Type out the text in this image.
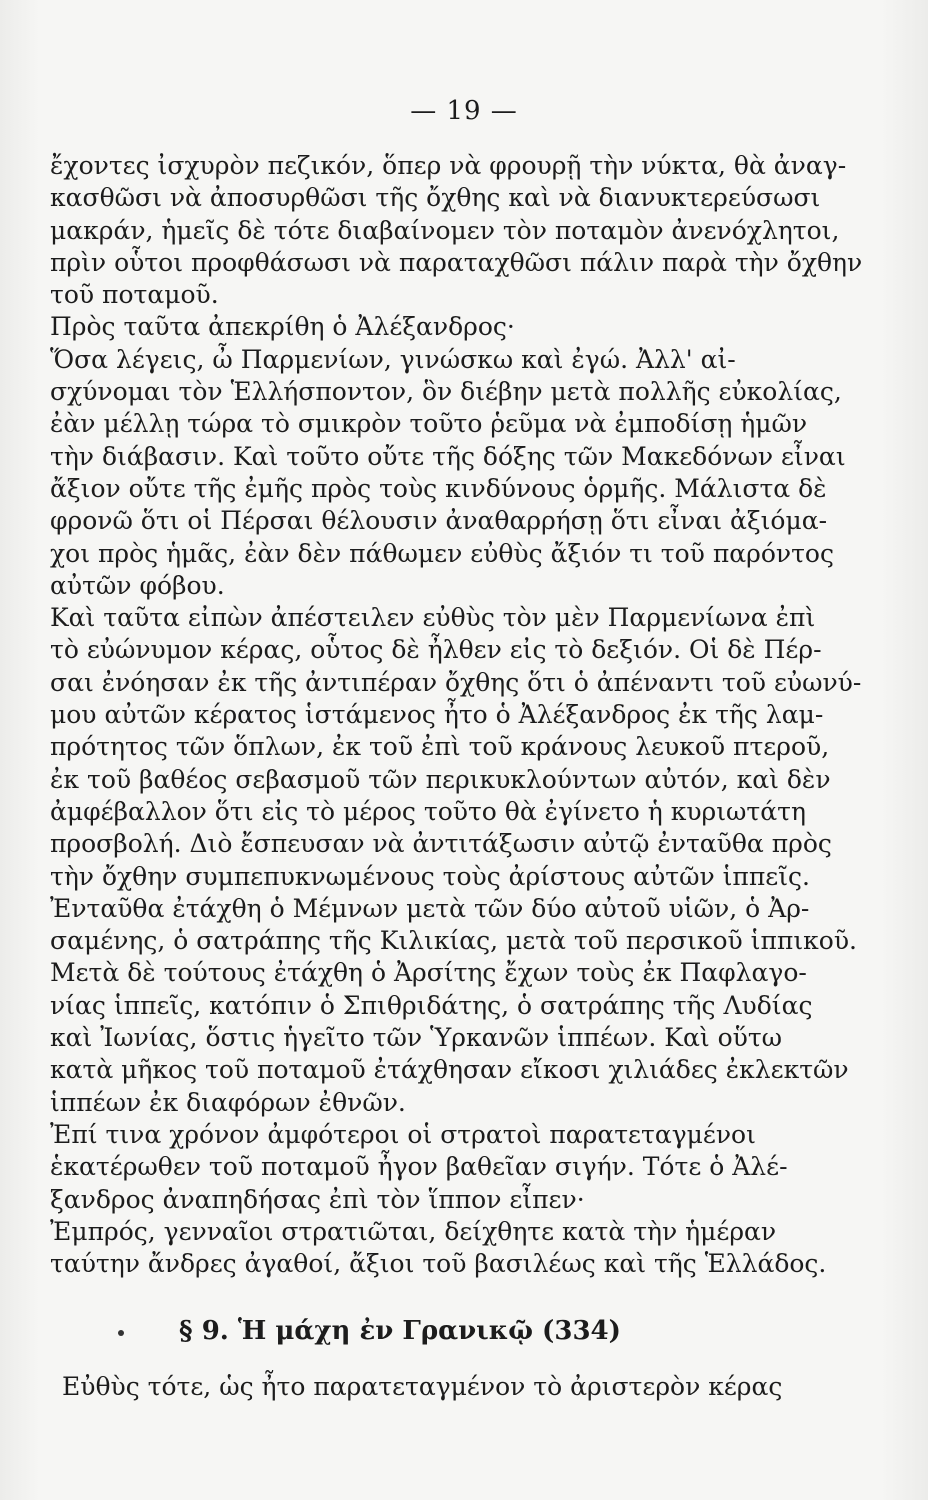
— 19 —
ἔχοντες ἰσχυρὸν πεζικόν, ὅπερ νὰ φρουρῇ τὴν νύκτα, θὰ ἀναγ-
κασθῶσι νὰ ἀποσυρθῶσι τῆς ὄχθης καὶ νὰ διανυκτερεύσωσι
μακράν, ἡμεῖς δὲ τότε διαβαίνομεν τὸν ποταμὸν ἀνενόχλητοι,
πρὶν οὗτοι προφθάσωσι νὰ παραταχθῶσι πάλιν παρὰ τὴν ὄχθην
τοῦ ποταμοῦ.
Πρὸς ταῦτα ἀπεκρίθη ὁ Ἀλέξανδρος·
Ὅσα λέγεις, ὦ Παρμενίων, γινώσκω καὶ ἐγώ. Ἀλλ' αἰ-
σχύνομαι τὸν Ἑλλήσποντον, ὃν διέβην μετὰ πολλῆς εὐκολίας,
ἐὰν μέλλῃ τώρα τὸ σμικρὸν τοῦτο ῥεῦμα νὰ ἐμποδίσῃ ἡμῶν
τὴν διάβασιν. Καὶ τοῦτο οὔτε τῆς δόξης τῶν Μακεδόνων εἶναι
ἄξιον οὔτε τῆς ἐμῆς πρὸς τοὺς κινδύνους ὁρμῆς. Μάλιστα δὲ
φρονῶ ὅτι οἱ Πέρσαι θέλουσιν ἀναθαρρήσῃ ὅτι εἶναι ἀξιόμα-
χοι πρὸς ἡμᾶς, ἐὰν δὲν πάθωμεν εὐθὺς ἄξιόν τι τοῦ παρόντος
αὐτῶν φόβου.
Καὶ ταῦτα εἰπὼν ἀπέστειλεν εὐθὺς τὸν μὲν Παρμενίωνα ἐπὶ
τὸ εὐώνυμον κέρας, οὗτος δὲ ἦλθεν εἰς τὸ δεξιόν. Οἱ δὲ Πέρ-
σαι ἐνόησαν ἐκ τῆς ἀντιπέραν ὄχθης ὅτι ὁ ἀπέναντι τοῦ εὐωνύ-
μου αὐτῶν κέρατος ἱστάμενος ἦτο ὁ Ἀλέξανδρος ἐκ τῆς λαμ-
πρότητος τῶν ὅπλων, ἐκ τοῦ ἐπὶ τοῦ κράνους λευκοῦ πτεροῦ,
ἐκ τοῦ βαθέος σεβασμοῦ τῶν περικυκλούντων αὐτόν, καὶ δὲν
ἀμφέβαλλον ὅτι εἰς τὸ μέρος τοῦτο θὰ ἐγίνετο ἡ κυριωτάτη
προσβολή. Διὸ ἔσπευσαν νὰ ἀντιτάξωσιν αὐτῷ ἐνταῦθα πρὸς
τὴν ὄχθην συμπεπυκνωμένους τοὺς ἀρίστους αὐτῶν ἱππεῖς.
Ἐνταῦθα ἐτάχθη ὁ Μέμνων μετὰ τῶν δύο αὐτοῦ υἱῶν, ὁ Ἀρ-
σαμένης, ὁ σατράπης τῆς Κιλικίας, μετὰ τοῦ περσικοῦ ἱππικοῦ.
Μετὰ δὲ τούτους ἐτάχθη ὁ Ἀρσίτης ἔχων τοὺς ἐκ Παφλαγο-
νίας ἱππεῖς, κατόπιν ὁ Σπιθριδάτης, ὁ σατράπης τῆς Λυδίας
καὶ Ἰωνίας, ὅστις ἡγεῖτο τῶν Ὑρκανῶν ἱππέων. Καὶ οὕτω
κατὰ μῆκος τοῦ ποταμοῦ ἐτάχθησαν εἴκοσι χιλιάδες ἐκλεκτῶν
ἱππέων ἐκ διαφόρων ἐθνῶν.
Ἐπί τινα χρόνον ἀμφότεροι οἱ στρατοὶ παρατεταγμένοι
ἑκατέρωθεν τοῦ ποταμοῦ ἦγον βαθεῖαν σιγήν. Τότε ὁ Ἀλέ-
ξανδρος ἀναπηδήσας ἐπὶ τὸν ἵππον εἶπεν·
Ἐμπρός, γενναῖοι στρατιῶται, δείχθητε κατὰ τὴν ἡμέραν
ταύτην ἄνδρες ἀγαθοί, ἄξιοι τοῦ βασιλέως καὶ τῆς Ἑλλάδος.
§ 9. Ἡ μάχη ἐν Γρανικῷ (334)
Εὐθὺς τότε, ὡς ἦτο παρατεταγμένον τὸ ἀριστερὸν κέρας
